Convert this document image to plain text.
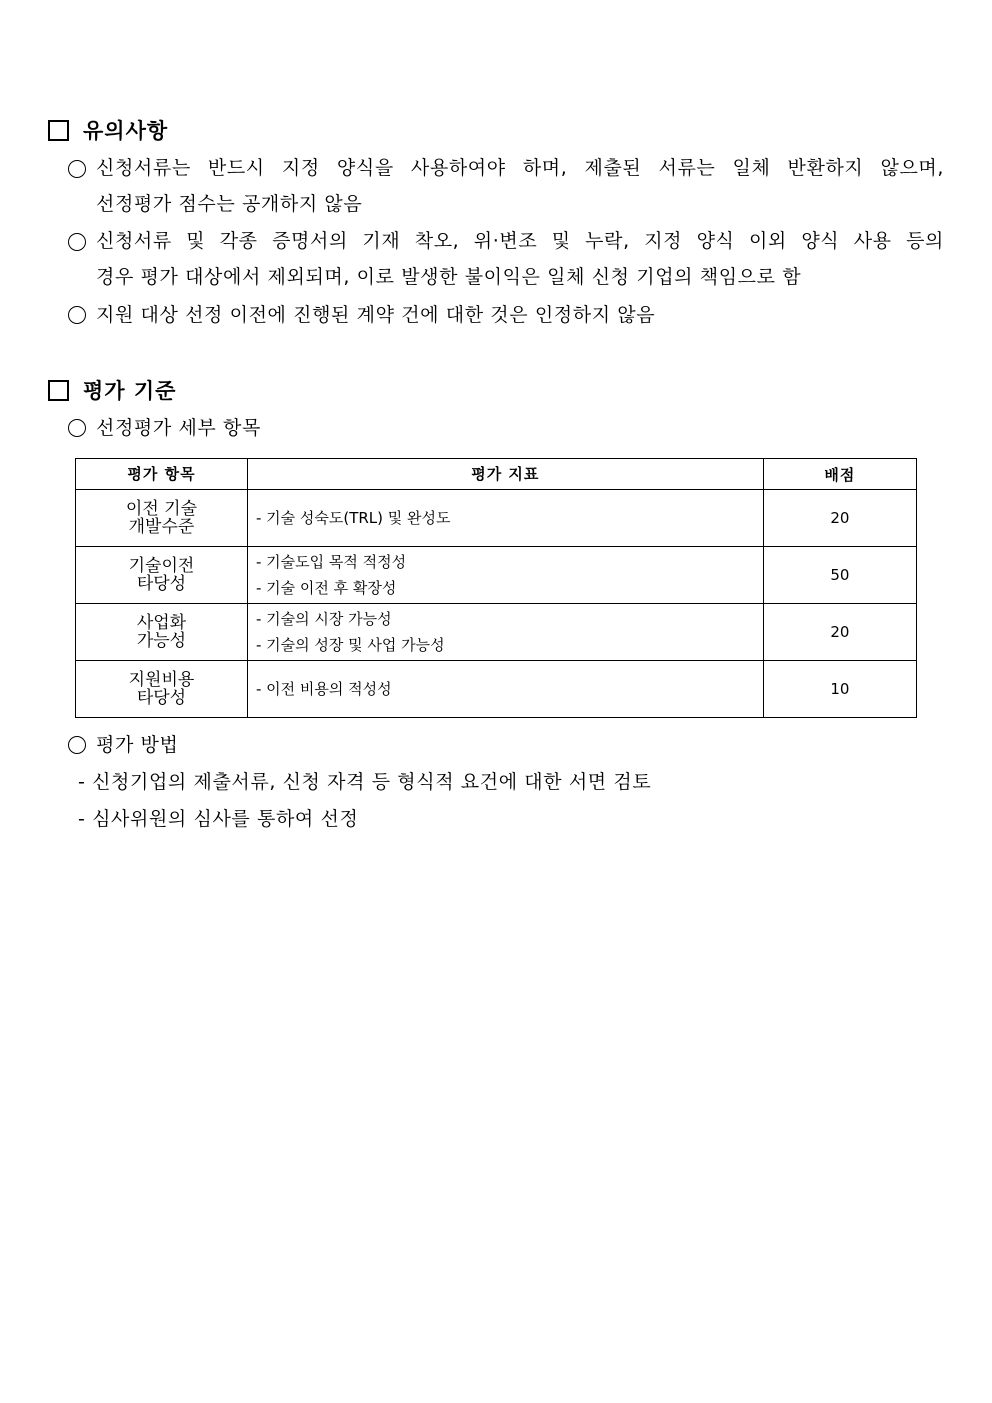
유의사항
신청서류는 반드시 지정 양식을 사용하여야 하며, 제출된 서류는 일체 반환하지 않으며,
선정평가 점수는 공개하지 않음
신청서류 및 각종 증명서의 기재 착오, 위·변조 및 누락, 지정 양식 이외 양식 사용 등의
경우 평가 대상에서 제외되며, 이로 발생한 불이익은 일체 신청 기업의 책임으로 함
지원 대상 선정 이전에 진행된 계약 건에 대한 것은 인정하지 않음
평가 기준
선정평가 세부 항목
평가 항목	평가 지표	배점

이전 기술
개발수준	- 기술 성숙도(TRL) 및 완성도	20

기술이전
타당성	- 기술도입 목적 적정성
- 기술 이전 후 확장성	50

사업화
가능성	- 기술의 시장 가능성
- 기술의 성장 및 사업 가능성	20

지원비용
타당성	- 이전 비용의 적성성	10
평가 방법
- 신청기업의 제출서류, 신청 자격 등 형식적 요건에 대한 서면 검토
- 심사위원의 심사를 통하여 선정
